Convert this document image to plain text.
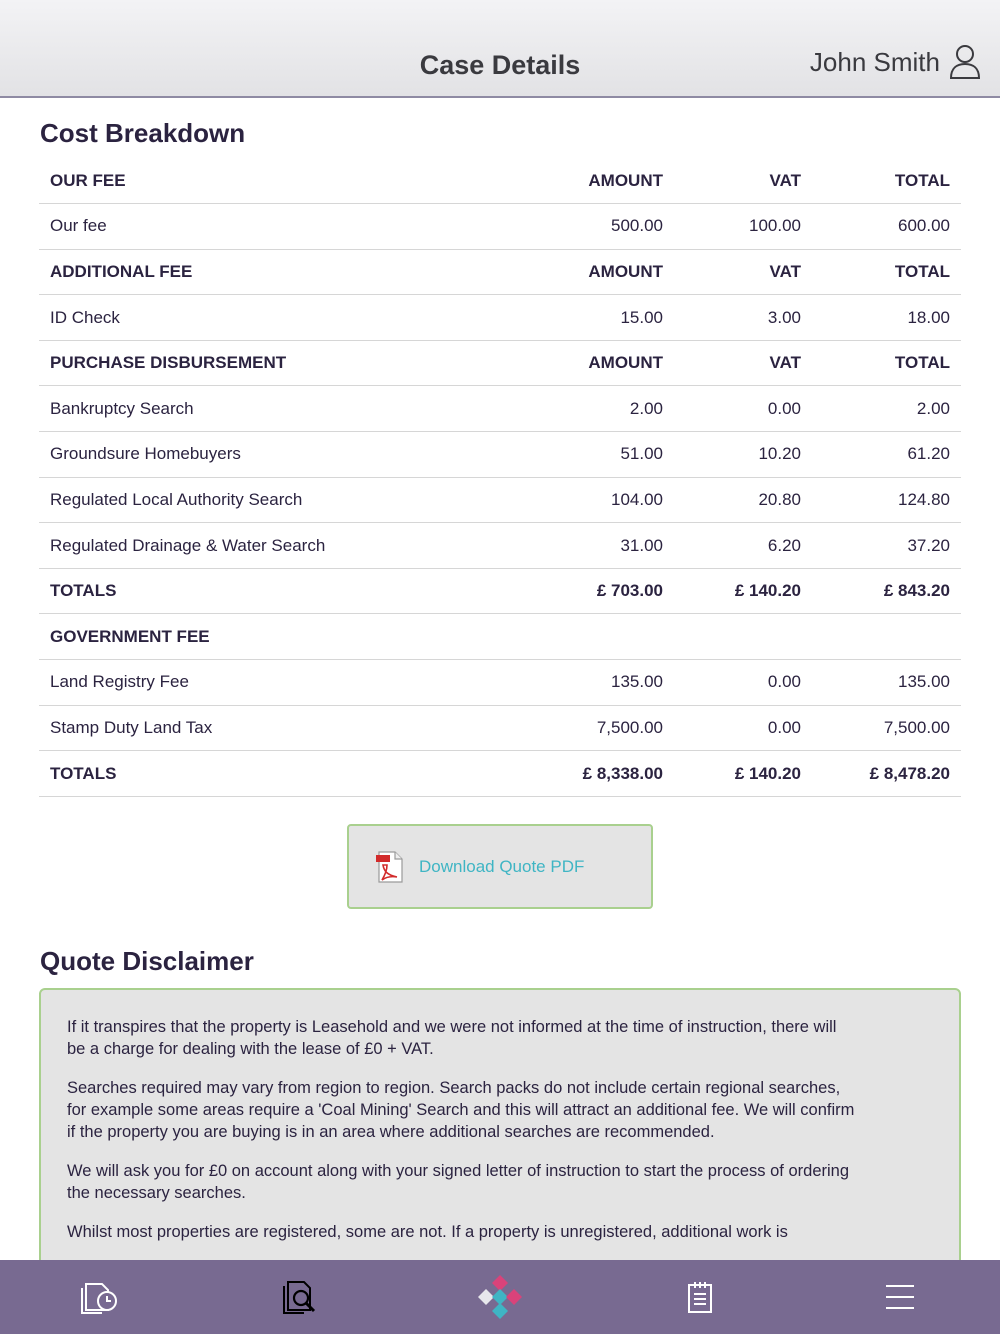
Case Details	John Smith
Cost Breakdown
OUR FEE	AMOUNT	VAT	TOTAL
Our fee	500.00	100.00	600.00
ADDITIONAL FEE	AMOUNT	VAT	TOTAL
ID Check	15.00	3.00	18.00
PURCHASE DISBURSEMENT	AMOUNT	VAT	TOTAL
Bankruptcy Search	2.00	0.00	2.00
Groundsure Homebuyers	51.00	10.20	61.20
Regulated Local Authority Search	104.00	20.80	124.80
Regulated Drainage & Water Search	31.00	6.20	37.20
TOTALS	£ 703.00	£ 140.20	£ 843.20
GOVERNMENT FEE			
Land Registry Fee	135.00	0.00	135.00
Stamp Duty Land Tax	7,500.00	0.00	7,500.00
TOTALS	£ 8,338.00	£ 140.20	£ 8,478.20
Download Quote PDF
Quote Disclaimer

If it transpires that the property is Leasehold and we were not informed at the time of instruction, there will be a charge for dealing with the lease of £0 + VAT.

Searches required may vary from region to region. Search packs do not include certain regional searches, for example some areas require a 'Coal Mining' Search and this will attract an additional fee. We will confirm if the property you are buying is in an area where additional searches are recommended.

We will ask you for £0 on account along with your signed letter of instruction to start the process of ordering the necessary searches.

Whilst most properties are registered, some are not. If a property is unregistered, additional work is
